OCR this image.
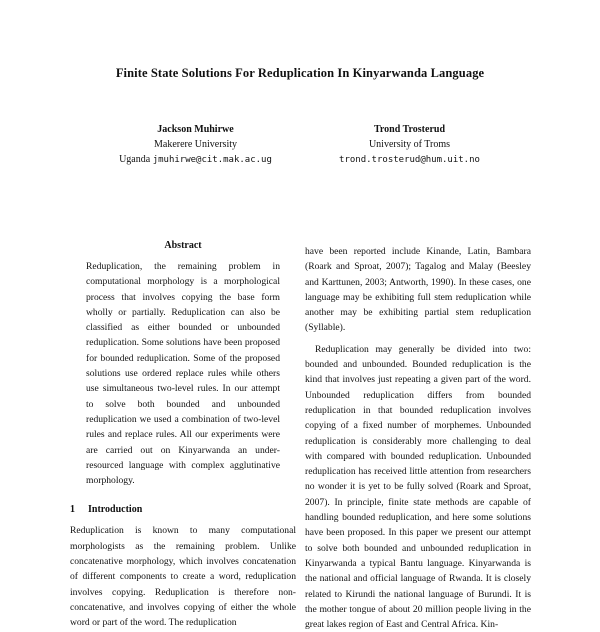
Finite State Solutions For Reduplication In Kinyarwanda Language
Jackson Muhirwe
Makerere University
Uganda jmuhirwe@cit.mak.ac.ug
Trond Trosterud
University of Troms
trond.trosterud@hum.uit.no
Abstract

Reduplication, the remaining problem in computational morphology is a morphological process that involves copying the base form wholly or partially. Reduplication can also be classified as either bounded or unbounded reduplication. Some solutions have been proposed for bounded reduplication. Some of the proposed solutions use ordered replace rules while others use simultaneous two-level rules. In our attempt to solve both bounded and unbounded reduplication we used a combination of two-level rules and replace rules. All our experiments were are carried out on Kinyarwanda an under-resourced language with complex agglutinative morphology.

1 Introduction

Reduplication is known to many computational morphologists as the remaining problem. Unlike concatenative morphology, which involves concatenation of different components to create a word, reduplication involves copying. Reduplication is therefore non-concatenative, and involves copying of either the whole word or part of the word. The reduplication

have been reported include Kinande, Latin, Bambara (Roark and Sproat, 2007); Tagalog and Malay (Beesley and Karttunen, 2003; Antworth, 1990). In these cases, one language may be exhibiting full stem reduplication while another may be exhibiting partial stem reduplication (Syllable).

Reduplication may generally be divided into two: bounded and unbounded. Bounded reduplication is the kind that involves just repeating a given part of the word. Unbounded reduplication differs from bounded reduplication in that bounded reduplication involves copying of a fixed number of morphemes. Unbounded reduplication is considerably more challenging to deal with compared with bounded reduplication. Unbounded reduplication has received little attention from researchers no wonder it is yet to be fully solved (Roark and Sproat, 2007). In principle, finite state methods are capable of handling bounded reduplication, and here some solutions have been proposed. In this paper we present our attempt to solve both bounded and unbounded reduplication in Kinyarwanda a typical Bantu language. Kinyarwanda is the national and official language of Rwanda. It is closely related to Kirundi the national language of Burundi. It is the mother tongue of about 20 million people living in the great lakes region of East and Central Africa. Kin-
